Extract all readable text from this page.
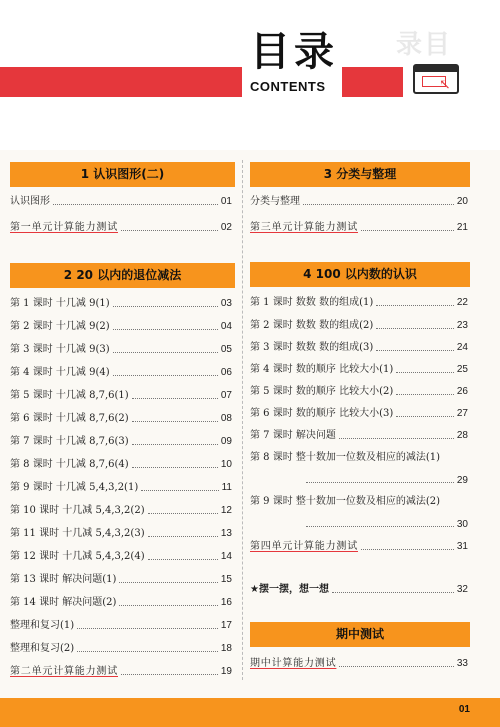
录目
目录
CONTENTS	↖
1 认识图形(二)
认识图形	01
第一单元计算能力测试	02
2 20 以内的退位减法
第 1 课时 十几减 9(1)	03
第 2 课时 十几减 9(2)	04
第 3 课时 十几减 9(3)	05
第 4 课时 十几减 9(4)	06
第 5 课时 十几减 8,7,6(1)	07
第 6 课时 十几减 8,7,6(2)	08
第 7 课时 十几减 8,7,6(3)	09
第 8 课时 十几减 8,7,6(4)	10
第 9 课时 十几减 5,4,3,2(1)	11
第 10 课时 十几减 5,4,3,2(2)	12
第 11 课时 十几减 5,4,3,2(3)	13
第 12 课时 十几减 5,4,3,2(4)	14
第 13 课时 解决问题(1)	15
第 14 课时 解决问题(2)	16
整理和复习(1)	17
整理和复习(2)	18
第二单元计算能力测试	19
3 分类与整理
分类与整理	20
第三单元计算能力测试	21
4 100 以内数的认识
第 1 课时 数数 数的组成(1)	22
第 2 课时 数数 数的组成(2)	23
第 3 课时 数数 数的组成(3)	24
第 4 课时 数的顺序 比较大小(1)	25
第 5 课时 数的顺序 比较大小(2)	26
第 6 课时 数的顺序 比较大小(3)	27
第 7 课时 解决问题	28
第 8 课时 整十数加一位数及相应的减法(1)
29
第 9 课时 整十数加一位数及相应的减法(2)
30
第四单元计算能力测试	31
★摆一摆，想一想	32
期中测试
期中计算能力测试	33
01
